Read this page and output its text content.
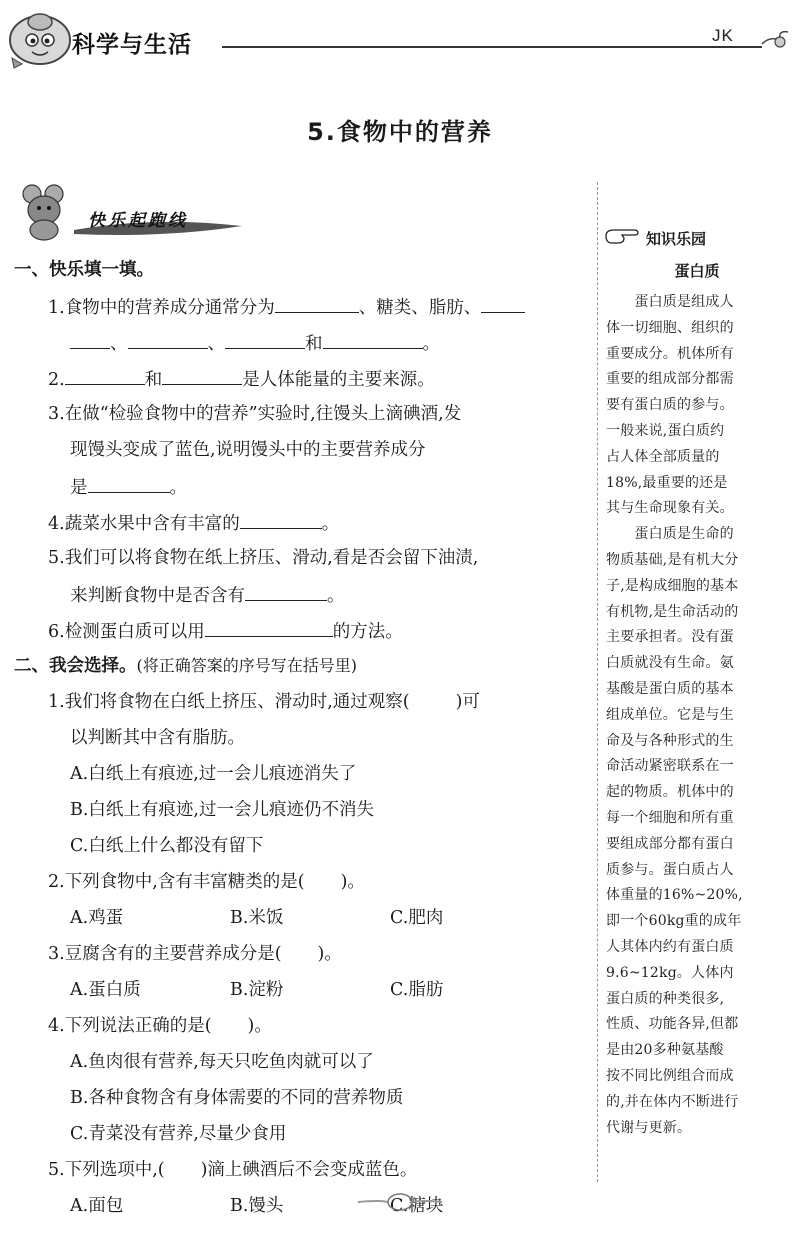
科学与生活	JK
5.食物中的营养
快乐起跑线
一、快乐填一填。
1.食物中的营养成分通常分为	、糖类、脂肪、
、	、	和	。
2.	和	是人体能量的主要来源。
3.在做“检验食物中的营养”实验时,往馒头上滴碘酒,发
现馒头变成了蓝色,说明馒头中的主要营养成分
是	。
4.蔬菜水果中含有丰富的	。
5.我们可以将食物在纸上挤压、滑动,看是否会留下油渍,
来判断食物中是否含有	。
6.检测蛋白质可以用	的方法。
二、我会选择。(将正确答案的序号写在括号里)
1.我们将食物在白纸上挤压、滑动时,通过观察(	)可
以判断其中含有脂肪。
A.白纸上有痕迹,过一会儿痕迹消失了
B.白纸上有痕迹,过一会儿痕迹仍不消失
C.白纸上什么都没有留下
2.下列食物中,含有丰富糖类的是( )。
A.鸡蛋	B.米饭	C.肥肉
3.豆腐含有的主要营养成分是( )。
A.蛋白质	B.淀粉	C.脂肪
4.下列说法正确的是( )。
A.鱼肉很有营养,每天只吃鱼肉就可以了
B.各种食物含有身体需要的不同的营养物质
C.青菜没有营养,尽量少食用
5.下列选项中,( )滴上碘酒后不会变成蓝色。
A.面包	B.馒头	C.糖块
知识乐园
蛋白质
　　蛋白质是组成人
体一切细胞、组织的
重要成分。机体所有
重要的组成部分都需
要有蛋白质的参与。
一般来说,蛋白质约
占人体全部质量的
18%,最重要的还是
其与生命现象有关。
　　蛋白质是生命的
物质基础,是有机大分
子,是构成细胞的基本
有机物,是生命活动的
主要承担者。没有蛋
白质就没有生命。氨
基酸是蛋白质的基本
组成单位。它是与生
命及与各种形式的生
命活动紧密联系在一
起的物质。机体中的
每一个细胞和所有重
要组成部分都有蛋白
质参与。蛋白质占人
体重量的16%~20%,
即一个60kg重的成年
人其体内约有蛋白质
9.6~12kg。人体内
蛋白质的种类很多,
性质、功能各异,但都
是由20多种氨基酸
按不同比例组合而成
的,并在体内不断进行
代谢与更新。
